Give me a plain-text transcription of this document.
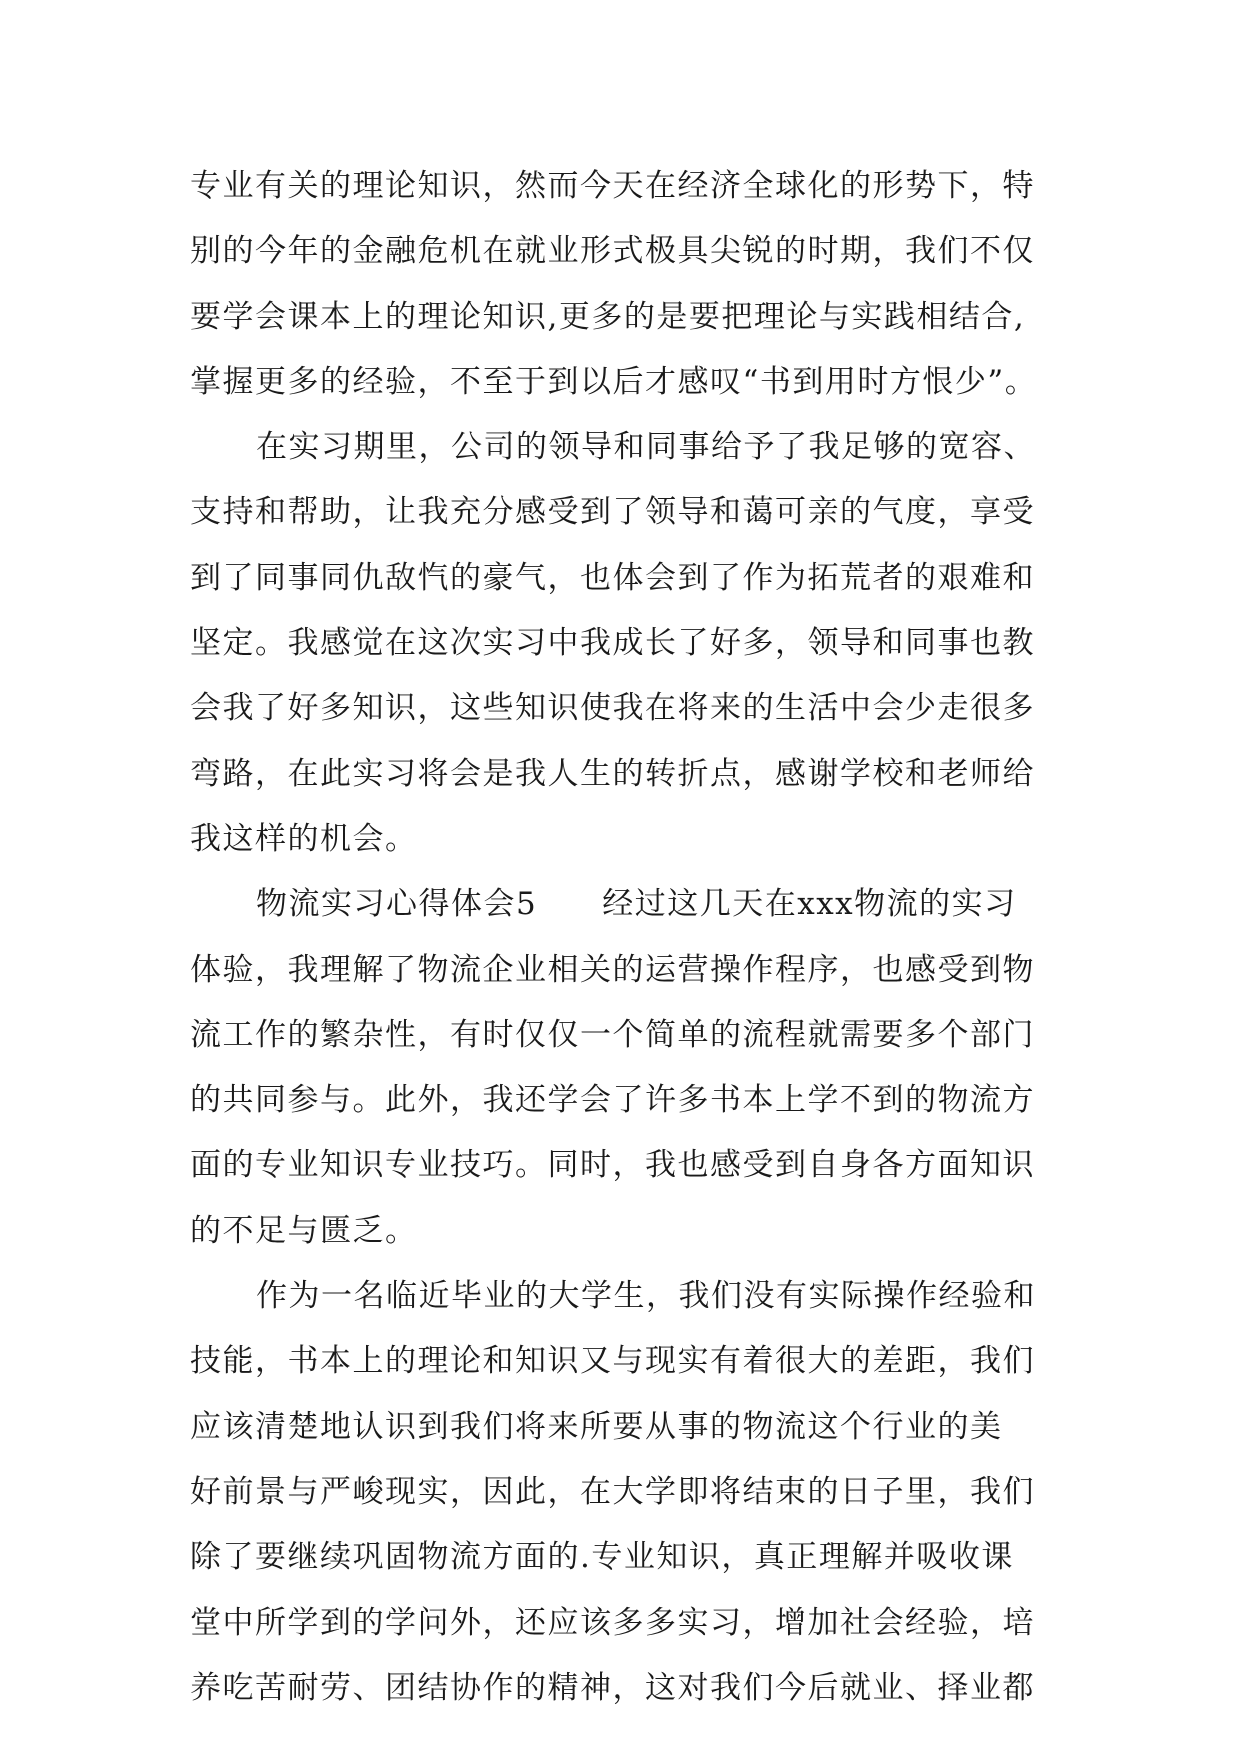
专业有关的理论知识，然而今天在经济全球化的形势下，特
别的今年的金融危机在就业形式极具尖锐的时期，我们不仅
要学会课本上的理论知识,更多的是要把理论与实践相结合,
掌握更多的经验，不至于到以后才感叹“书到用时方恨少”。
在实习期里，公司的领导和同事给予了我足够的宽容、
支持和帮助，让我充分感受到了领导和蔼可亲的气度，享受
到了同事同仇敌忾的豪气，也体会到了作为拓荒者的艰难和
坚定。我感觉在这次实习中我成长了好多，领导和同事也教
会我了好多知识，这些知识使我在将来的生活中会少走很多
弯路，在此实习将会是我人生的转折点，感谢学校和老师给
我这样的机会。
物流实习心得体会5　　经过这几天在xxx物流的实习
体验，我理解了物流企业相关的运营操作程序，也感受到物
流工作的繁杂性，有时仅仅一个简单的流程就需要多个部门
的共同参与。此外，我还学会了许多书本上学不到的物流方
面的专业知识专业技巧。同时，我也感受到自身各方面知识
的不足与匮乏。
作为一名临近毕业的大学生，我们没有实际操作经验和
技能，书本上的理论和知识又与现实有着很大的差距，我们
应该清楚地认识到我们将来所要从事的物流这个行业的美
好前景与严峻现实，因此，在大学即将结束的日子里，我们
除了要继续巩固物流方面的.专业知识，真正理解并吸收课
堂中所学到的学问外，还应该多多实习，增加社会经验，培
养吃苦耐劳、团结协作的精神，这对我们今后就业、择业都
